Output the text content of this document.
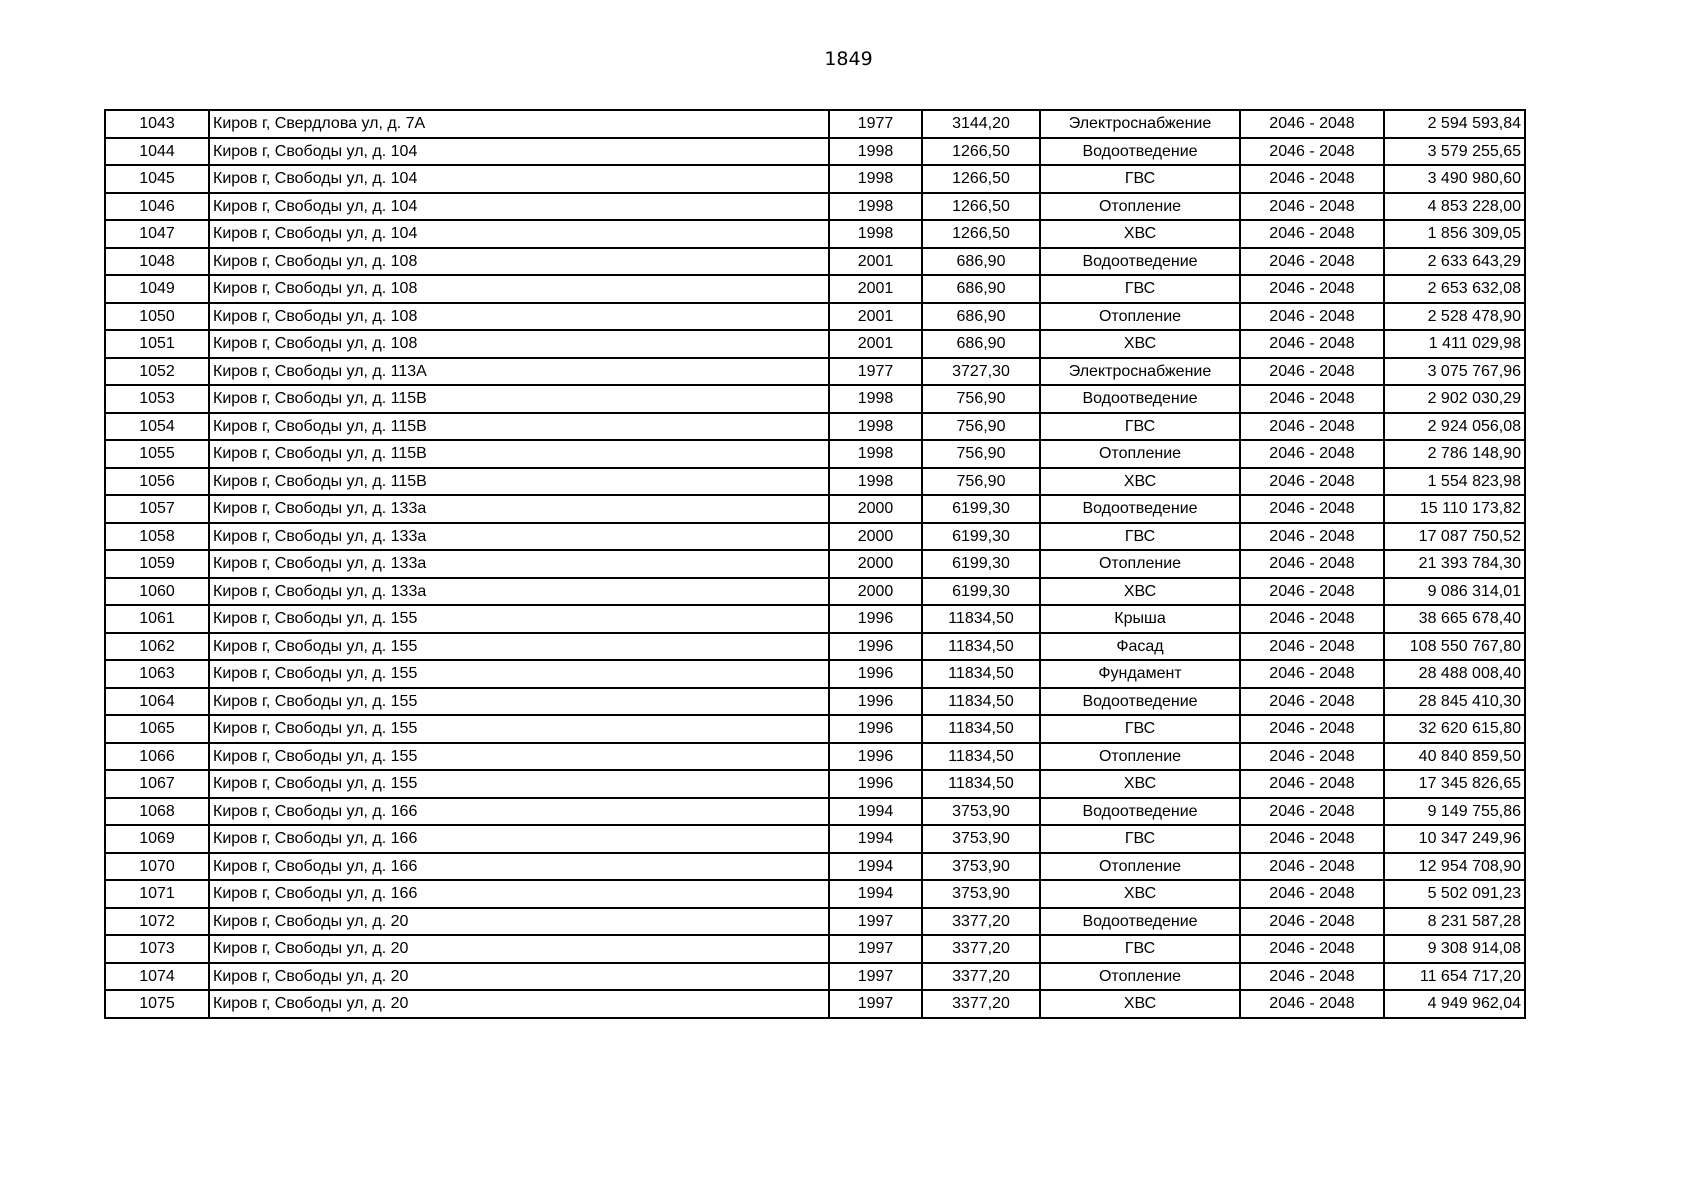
1849
1043	Киров г, Свердлова ул, д. 7А	1977	3144,20	Электроснабжение	2046 - 2048	2 594 593,84
1044	Киров г, Свободы ул, д. 104	1998	1266,50	Водоотведение	2046 - 2048	3 579 255,65
1045	Киров г, Свободы ул, д. 104	1998	1266,50	ГВС	2046 - 2048	3 490 980,60
1046	Киров г, Свободы ул, д. 104	1998	1266,50	Отопление	2046 - 2048	4 853 228,00
1047	Киров г, Свободы ул, д. 104	1998	1266,50	ХВС	2046 - 2048	1 856 309,05
1048	Киров г, Свободы ул, д. 108	2001	686,90	Водоотведение	2046 - 2048	2 633 643,29
1049	Киров г, Свободы ул, д. 108	2001	686,90	ГВС	2046 - 2048	2 653 632,08
1050	Киров г, Свободы ул, д. 108	2001	686,90	Отопление	2046 - 2048	2 528 478,90
1051	Киров г, Свободы ул, д. 108	2001	686,90	ХВС	2046 - 2048	1 411 029,98
1052	Киров г, Свободы ул, д. 113А	1977	3727,30	Электроснабжение	2046 - 2048	3 075 767,96
1053	Киров г, Свободы ул, д. 115В	1998	756,90	Водоотведение	2046 - 2048	2 902 030,29
1054	Киров г, Свободы ул, д. 115В	1998	756,90	ГВС	2046 - 2048	2 924 056,08
1055	Киров г, Свободы ул, д. 115В	1998	756,90	Отопление	2046 - 2048	2 786 148,90
1056	Киров г, Свободы ул, д. 115В	1998	756,90	ХВС	2046 - 2048	1 554 823,98
1057	Киров г, Свободы ул, д. 133а	2000	6199,30	Водоотведение	2046 - 2048	15 110 173,82
1058	Киров г, Свободы ул, д. 133а	2000	6199,30	ГВС	2046 - 2048	17 087 750,52
1059	Киров г, Свободы ул, д. 133а	2000	6199,30	Отопление	2046 - 2048	21 393 784,30
1060	Киров г, Свободы ул, д. 133а	2000	6199,30	ХВС	2046 - 2048	9 086 314,01
1061	Киров г, Свободы ул, д. 155	1996	11834,50	Крыша	2046 - 2048	38 665 678,40
1062	Киров г, Свободы ул, д. 155	1996	11834,50	Фасад	2046 - 2048	108 550 767,80
1063	Киров г, Свободы ул, д. 155	1996	11834,50	Фундамент	2046 - 2048	28 488 008,40
1064	Киров г, Свободы ул, д. 155	1996	11834,50	Водоотведение	2046 - 2048	28 845 410,30
1065	Киров г, Свободы ул, д. 155	1996	11834,50	ГВС	2046 - 2048	32 620 615,80
1066	Киров г, Свободы ул, д. 155	1996	11834,50	Отопление	2046 - 2048	40 840 859,50
1067	Киров г, Свободы ул, д. 155	1996	11834,50	ХВС	2046 - 2048	17 345 826,65
1068	Киров г, Свободы ул, д. 166	1994	3753,90	Водоотведение	2046 - 2048	9 149 755,86
1069	Киров г, Свободы ул, д. 166	1994	3753,90	ГВС	2046 - 2048	10 347 249,96
1070	Киров г, Свободы ул, д. 166	1994	3753,90	Отопление	2046 - 2048	12 954 708,90
1071	Киров г, Свободы ул, д. 166	1994	3753,90	ХВС	2046 - 2048	5 502 091,23
1072	Киров г, Свободы ул, д. 20	1997	3377,20	Водоотведение	2046 - 2048	8 231 587,28
1073	Киров г, Свободы ул, д. 20	1997	3377,20	ГВС	2046 - 2048	9 308 914,08
1074	Киров г, Свободы ул, д. 20	1997	3377,20	Отопление	2046 - 2048	11 654 717,20
1075	Киров г, Свободы ул, д. 20	1997	3377,20	ХВС	2046 - 2048	4 949 962,04
